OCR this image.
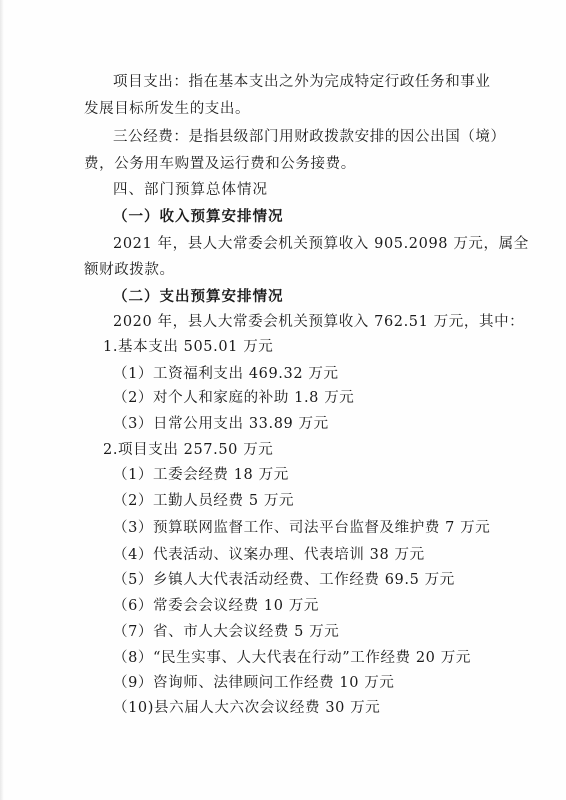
项目支出：指在基本支出之外为完成特定行政任务和事业
发展目标所发生的支出。
三公经费：是指县级部门用财政拨款安排的因公出国（境）
费，公务用车购置及运行费和公务接费。
四、部门预算总体情况
（一）收入预算安排情况
2021 年，县人大常委会机关预算收入 905.2098 万元，属全
额财政拨款。
（二）支出预算安排情况
2020 年，县人大常委会机关预算收入 762.51 万元，其中：
1.基本支出 505.01 万元
（1）工资福利支出 469.32 万元
（2）对个人和家庭的补助 1.8 万元
（3）日常公用支出 33.89 万元
2.项目支出 257.50 万元
（1）工委会经费 18 万元
（2）工勤人员经费 5 万元
（3）预算联网监督工作、司法平台监督及维护费 7 万元
（4）代表活动、议案办理、代表培训 38 万元
（5）乡镇人大代表活动经费、工作经费 69.5 万元
（6）常委会会议经费 10 万元
（7）省、市人大会议经费 5 万元
（8）“民生实事、人大代表在行动”工作经费 20 万元
（9）咨询师、法律顾问工作经费 10 万元
（10)县六届人大六次会议经费 30 万元
